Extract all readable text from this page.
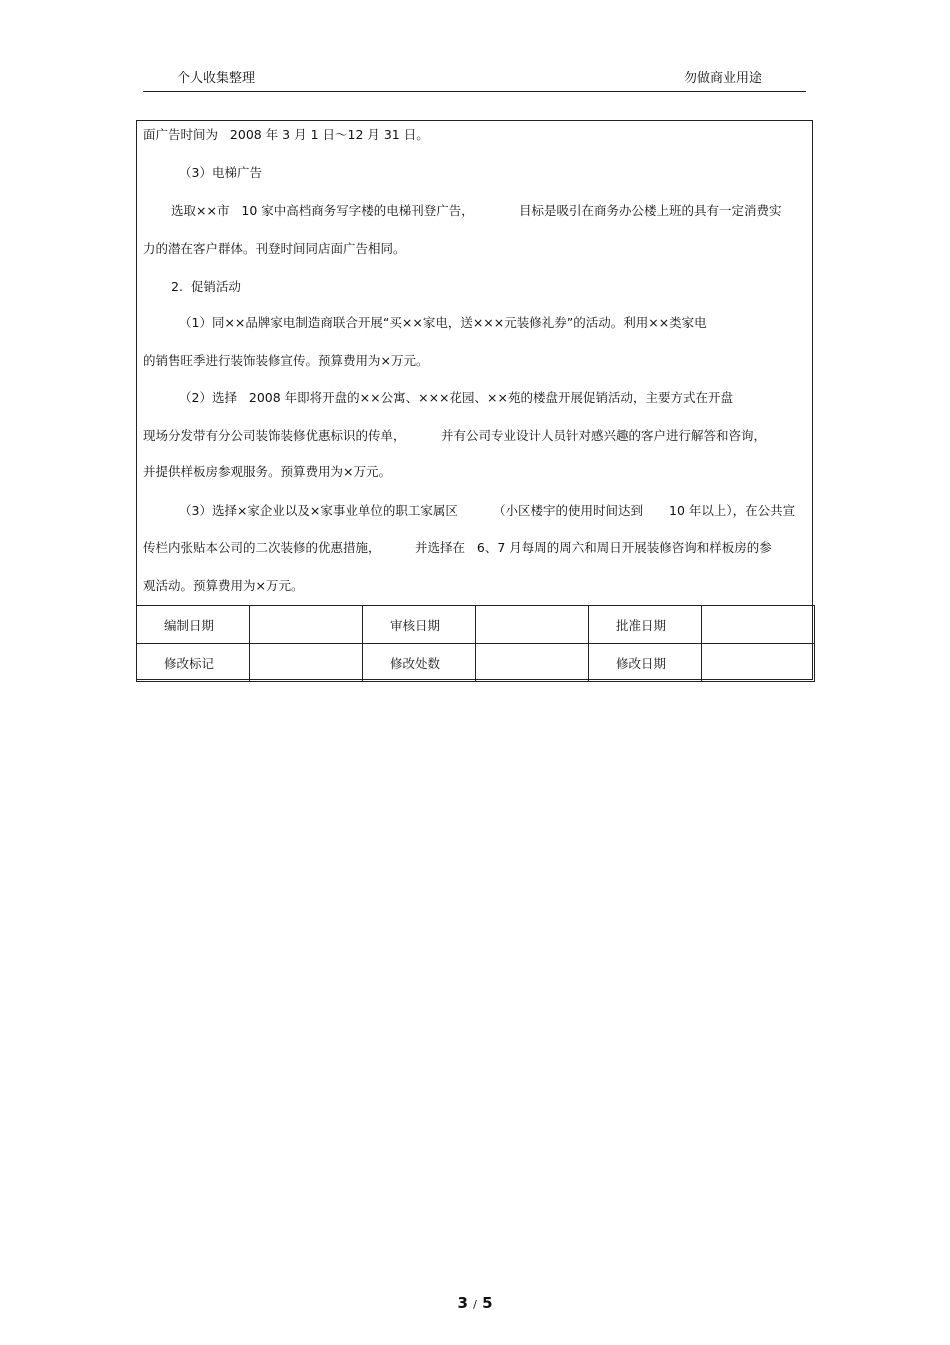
个人收集整理	勿做商业用途
面广告时间为   2008 年 3 月 1 日～12 月 31 日。
（3）电梯广告
选取××市   10 家中高档商务写字楼的电梯刊登广告，	目标是吸引在商务办公楼上班的具有一定消费实
力的潜在客户群体。刊登时间同店面广告相同。
2.  促销活动
（1）同××品牌家电制造商联合开展“买××家电，送×××元装修礼券”的活动。利用××类家电
的销售旺季进行装饰装修宣传。预算费用为×万元。
（2）选择   2008 年即将开盘的××公寓、×××花园、××苑的楼盘开展促销活动，主要方式在开盘
现场分发带有分公司装饰装修优惠标识的传单，	并有公司专业设计人员针对感兴趣的客户进行解答和咨询，
并提供样板房参观服务。预算费用为×万元。
（3）选择×家企业以及×家事业单位的职工家属区	（小区楼宇的使用时间达到 10 年以上），在公共宣
传栏内张贴本公司的二次装修的优惠措施，	并选择在   6、7 月每周的周六和周日开展装修咨询和样板房的参
观活动。预算费用为×万元。
编制日期		审核日期		批准日期	
修改标记		修改处数		修改日期	
3 / 5
